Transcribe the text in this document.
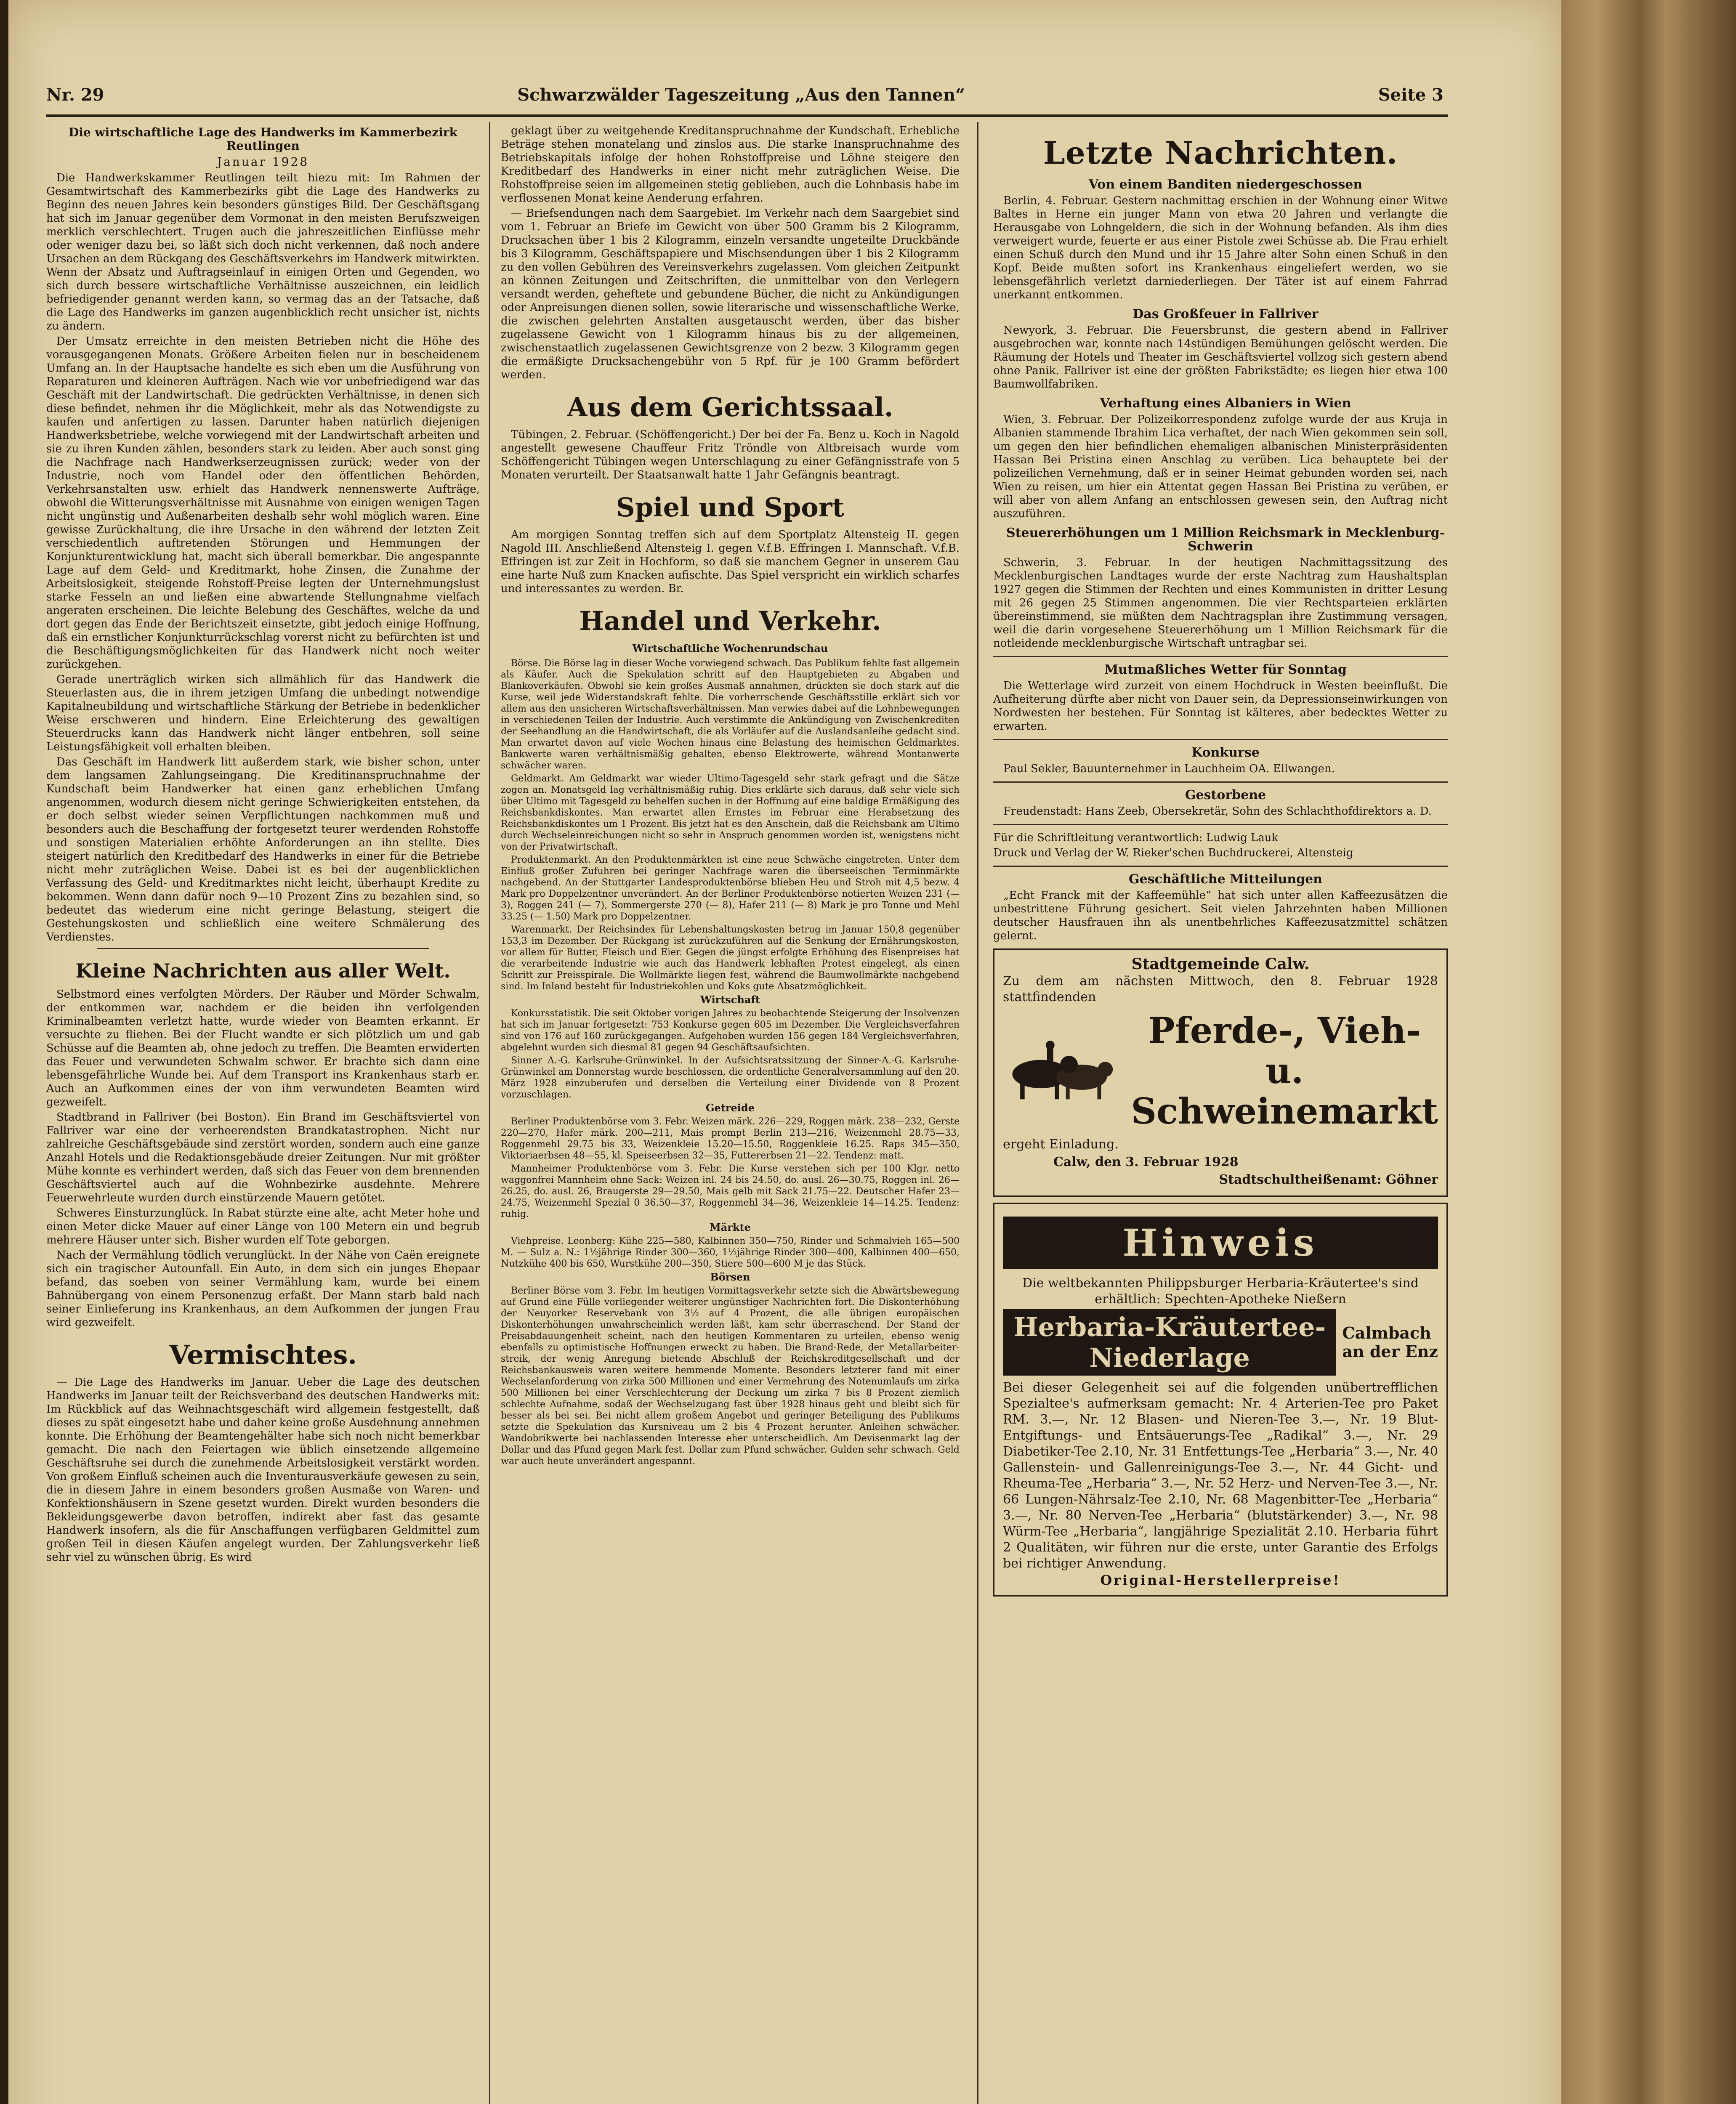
Nr. 29	Schwarzwälder Tageszeitung „Aus den Tannen“	Seite 3

Die wirtschaftliche Lage des Handwerks im Kammerbezirk Reutlingen

Januar 1928

Die Handwerkskammer Reutlingen teilt hiezu mit: Im Rahmen der Gesamtwirtschaft des Kammerbezirks gibt die Lage des Handwerks zu Beginn des neuen Jahres kein besonders günstiges Bild. Der Geschäftsgang hat sich im Januar gegenüber dem Vormonat in den meisten Berufszweigen merklich verschlechtert. Trugen auch die jahreszeitlichen Einflüsse mehr oder weniger dazu bei, so läßt sich doch nicht verkennen, daß noch andere Ursachen an dem Rückgang des Geschäftsverkehrs im Handwerk mitwirkten. Wenn der Absatz und Auftragseinlauf in einigen Orten und Gegenden, wo sich durch bessere wirtschaftliche Verhältnisse auszeichnen, ein leidlich befriedigender genannt werden kann, so vermag das an der Tatsache, daß die Lage des Handwerks im ganzen augenblicklich recht unsicher ist, nichts zu ändern.

Der Umsatz erreichte in den meisten Betrieben nicht die Höhe des vorausgegangenen Monats. Größere Arbeiten fielen nur in bescheidenem Umfang an. In der Hauptsache handelte es sich eben um die Ausführung von Reparaturen und kleineren Aufträgen. Nach wie vor unbefriedigend war das Geschäft mit der Landwirtschaft. Die gedrückten Verhältnisse, in denen sich diese befindet, nehmen ihr die Möglichkeit, mehr als das Notwendigste zu kaufen und anfertigen zu lassen. Darunter haben natürlich diejenigen Handwerksbetriebe, welche vorwiegend mit der Landwirtschaft arbeiten und sie zu ihren Kunden zählen, besonders stark zu leiden. Aber auch sonst ging die Nachfrage nach Handwerkserzeugnissen zurück; weder von der Industrie, noch vom Handel oder den öffentlichen Behörden, Verkehrsanstalten usw. erhielt das Handwerk nennenswerte Aufträge, obwohl die Witterungsverhältnisse mit Ausnahme von einigen wenigen Tagen nicht ungünstig und Außenarbeiten deshalb sehr wohl möglich waren. Eine gewisse Zurückhaltung, die ihre Ursache in den während der letzten Zeit verschiedentlich auftretenden Störungen und Hemmungen der Konjunkturentwicklung hat, macht sich überall bemerkbar. Die angespannte Lage auf dem Geld- und Kreditmarkt, hohe Zinsen, die Zunahme der Arbeitslosigkeit, steigende Rohstoff-Preise legten der Unternehmungslust starke Fesseln an und ließen eine abwartende Stellungnahme vielfach angeraten erscheinen. Die leichte Belebung des Geschäftes, welche da und dort gegen das Ende der Berichtszeit einsetzte, gibt jedoch einige Hoffnung, daß ein ernstlicher Konjunkturrückschlag vorerst nicht zu befürchten ist und die Beschäftigungsmöglichkeiten für das Handwerk nicht noch weiter zurückgehen.

Gerade unerträglich wirken sich allmählich für das Handwerk die Steuerlasten aus, die in ihrem jetzigen Umfang die unbedingt notwendige Kapitalneubildung und wirtschaftliche Stärkung der Betriebe in bedenklicher Weise erschweren und hindern. Eine Erleichterung des gewaltigen Steuerdrucks kann das Handwerk nicht länger entbehren, soll seine Leistungsfähigkeit voll erhalten bleiben.

Das Geschäft im Handwerk litt außerdem stark, wie bisher schon, unter dem langsamen Zahlungseingang. Die Kreditinanspruchnahme der Kundschaft beim Handwerker hat einen ganz erheblichen Umfang angenommen, wodurch diesem nicht geringe Schwierigkeiten entstehen, da er doch selbst wieder seinen Verpflichtungen nachkommen muß und besonders auch die Beschaffung der fortgesetzt teurer werdenden Rohstoffe und sonstigen Materialien erhöhte Anforderungen an ihn stellte. Dies steigert natürlich den Kreditbedarf des Handwerks in einer für die Betriebe nicht mehr zuträglichen Weise. Dabei ist es bei der augenblicklichen Verfassung des Geld- und Kreditmarktes nicht leicht, überhaupt Kredite zu bekommen. Wenn dann dafür noch 9—10 Prozent Zins zu bezahlen sind, so bedeutet das wiederum eine nicht geringe Belastung, steigert die Gestehungskosten und schließlich eine weitere Schmälerung des Verdienstes.

Kleine Nachrichten aus aller Welt.

Selbstmord eines verfolgten Mörders. Der Räuber und Mörder Schwalm, der entkommen war, nachdem er die beiden ihn verfolgenden Kriminalbeamten verletzt hatte, wurde wieder von Beamten erkannt. Er versuchte zu fliehen. Bei der Flucht wandte er sich plötzlich um und gab Schüsse auf die Beamten ab, ohne jedoch zu treffen. Die Beamten erwiderten das Feuer und verwundeten Schwalm schwer. Er brachte sich dann eine lebensgefährliche Wunde bei. Auf dem Transport ins Krankenhaus starb er. Auch an Aufkommen eines der von ihm verwundeten Beamten wird gezweifelt.

Stadtbrand in Fallriver (bei Boston). Ein Brand im Geschäftsviertel von Fallriver war eine der verheerendsten Brandkatastrophen. Nicht nur zahlreiche Geschäftsgebäude sind zerstört worden, sondern auch eine ganze Anzahl Hotels und die Redaktionsgebäude dreier Zeitungen. Nur mit größter Mühe konnte es verhindert werden, daß sich das Feuer von dem brennenden Geschäftsviertel auch auf die Wohnbezirke ausdehnte. Mehrere Feuerwehrleute wurden durch einstürzende Mauern getötet.

Schweres Einsturzunglück. In Rabat stürzte eine alte, acht Meter hohe und einen Meter dicke Mauer auf einer Länge von 100 Metern ein und begrub mehrere Häuser unter sich. Bisher wurden elf Tote geborgen.

Nach der Vermählung tödlich verunglückt. In der Nähe von Caën ereignete sich ein tragischer Autounfall. Ein Auto, in dem sich ein junges Ehepaar befand, das soeben von seiner Vermählung kam, wurde bei einem Bahnübergang von einem Personenzug erfaßt. Der Mann starb bald nach seiner Einlieferung ins Krankenhaus, an dem Aufkommen der jungen Frau wird gezweifelt.

Vermischtes.

— Die Lage des Handwerks im Januar. Ueber die Lage des deutschen Handwerks im Januar teilt der Reichsverband des deutschen Handwerks mit: Im Rückblick auf das Weihnachtsgeschäft wird allgemein festgestellt, daß dieses zu spät eingesetzt habe und daher keine große Ausdehnung annehmen konnte. Die Erhöhung der Beamtengehälter habe sich noch nicht bemerkbar gemacht. Die nach den Feiertagen wie üblich einsetzende allgemeine Geschäftsruhe sei durch die zunehmende Arbeitslosigkeit verstärkt worden. Von großem Einfluß scheinen auch die Inventurausverkäufe gewesen zu sein, die in diesem Jahre in einem besonders großen Ausmaße von Waren- und Konfektionshäusern in Szene gesetzt wurden. Direkt wurden besonders die Bekleidungsgewerbe davon betroffen, indirekt aber fast das gesamte Handwerk insofern, als die für Anschaffungen verfügbaren Geldmittel zum großen Teil in diesen Käufen angelegt wurden. Der Zahlungsverkehr ließ sehr viel zu wünschen übrig. Es wird

geklagt über zu weitgehende Kreditanspruchnahme der Kundschaft. Erhebliche Beträge stehen monatelang und zinslos aus. Die starke Inanspruchnahme des Betriebskapitals infolge der hohen Rohstoffpreise und Löhne steigere den Kreditbedarf des Handwerks in einer nicht mehr zuträglichen Weise. Die Rohstoffpreise seien im allgemeinen stetig geblieben, auch die Lohnbasis habe im verflossenen Monat keine Aenderung erfahren.

— Briefsendungen nach dem Saargebiet. Im Verkehr nach dem Saargebiet sind vom 1. Februar an Briefe im Gewicht von über 500 Gramm bis 2 Kilogramm, Drucksachen über 1 bis 2 Kilogramm, einzeln versandte ungeteilte Druckbände bis 3 Kilogramm, Geschäftspapiere und Mischsendungen über 1 bis 2 Kilogramm zu den vollen Gebühren des Vereinsverkehrs zugelassen. Vom gleichen Zeitpunkt an können Zeitungen und Zeitschriften, die unmittelbar von den Verlegern versandt werden, geheftete und gebundene Bücher, die nicht zu Ankündigungen oder Anpreisungen dienen sollen, sowie literarische und wissenschaftliche Werke, die zwischen gelehrten Anstalten ausgetauscht werden, über das bisher zugelassene Gewicht von 1 Kilogramm hinaus bis zu der allgemeinen, zwischenstaatlich zugelassenen Gewichtsgrenze von 2 bezw. 3 Kilogramm gegen die ermäßigte Drucksachengebühr von 5 Rpf. für je 100 Gramm befördert werden.

Aus dem Gerichtssaal.

Tübingen, 2. Februar. (Schöffengericht.) Der bei der Fa. Benz u. Koch in Nagold angestellt gewesene Chauffeur Fritz Tröndle von Altbreisach wurde vom Schöffengericht Tübingen wegen Unterschlagung zu einer Gefängnisstrafe von 5 Monaten verurteilt. Der Staatsanwalt hatte 1 Jahr Gefängnis beantragt.

Spiel und Sport

Am morgigen Sonntag treffen sich auf dem Sportplatz Altensteig II. gegen Nagold III. Anschließend Altensteig I. gegen V.f.B. Effringen I. Mannschaft. V.f.B. Effringen ist zur Zeit in Hochform, so daß sie manchem Gegner in unserem Gau eine harte Nuß zum Knacken aufischte. Das Spiel verspricht ein wirklich scharfes und interessantes zu werden. Br.

Handel und Verkehr.

Wirtschaftliche Wochenrundschau

Börse. Die Börse lag in dieser Woche vorwiegend schwach. Das Publikum fehlte fast allgemein als Käufer. Auch die Spekulation schritt auf den Hauptgebieten zu Abgaben und Blankoverkäufen. Obwohl sie kein großes Ausmaß annahmen, drückten sie doch stark auf die Kurse, weil jede Widerstandskraft fehlte. Die vorherrschende Geschäftsstille erklärt sich vor allem aus den unsicheren Wirtschaftsverhältnissen. Man verwies dabei auf die Lohnbewegungen in verschiedenen Teilen der Industrie. Auch verstimmte die Ankündigung von Zwischenkrediten der Seehandlung an die Handwirtschaft, die als Vorläufer auf die Auslandsanleihe gedacht sind. Man erwartet davon auf viele Wochen hinaus eine Belastung des heimischen Geldmarktes. Bankwerte waren verhältnismäßig gehalten, ebenso Elektrowerte, während Montanwerte schwächer waren.

Geldmarkt. Am Geldmarkt war wieder Ultimo-Tagesgeld sehr stark gefragt und die Sätze zogen an. Monatsgeld lag verhältnismäßig ruhig. Dies erklärte sich daraus, daß sehr viele sich über Ultimo mit Tagesgeld zu behelfen suchen in der Hoffnung auf eine baldige Ermäßigung des Reichsbankdiskontes. Man erwartet allen Ernstes im Februar eine Herabsetzung des Reichsbankdiskontes um 1 Prozent. Bis jetzt hat es den Anschein, daß die Reichsbank am Ultimo durch Wechseleinreichungen nicht so sehr in Anspruch genommen worden ist, wenigstens nicht von der Privatwirtschaft.

Produktenmarkt. An den Produktenmärkten ist eine neue Schwäche eingetreten. Unter dem Einfluß großer Zufuhren bei geringer Nachfrage waren die überseeischen Terminmärkte nachgebend. An der Stuttgarter Landesproduktenbörse blieben Heu und Stroh mit 4,5 bezw. 4 Mark pro Doppelzentner unverändert. An der Berliner Produktenbörse notierten Weizen 231 (— 3), Roggen 241 (— 7), Sommergerste 270 (— 8), Hafer 211 (— 8) Mark je pro Tonne und Mehl 33.25 (— 1.50) Mark pro Doppelzentner.

Warenmarkt. Der Reichsindex für Lebenshaltungskosten betrug im Januar 150,8 gegenüber 153,3 im Dezember. Der Rückgang ist zurückzuführen auf die Senkung der Ernährungskosten, vor allem für Butter, Fleisch und Eier. Gegen die jüngst erfolgte Erhöhung des Eisenpreises hat die verarbeitende Industrie wie auch das Handwerk lebhaften Protest eingelegt, als einen Schritt zur Preisspirale. Die Wollmärkte liegen fest, während die Baumwollmärkte nachgebend sind. Im Inland besteht für Industriekohlen und Koks gute Absatzmöglichkeit.

Wirtschaft

Konkursstatistik. Die seit Oktober vorigen Jahres zu beobachtende Steigerung der Insolvenzen hat sich im Januar fortgesetzt: 753 Konkurse gegen 605 im Dezember. Die Vergleichsverfahren sind von 176 auf 160 zurückgegangen. Aufgehoben wurden 156 gegen 184 Vergleichsverfahren, abgelehnt wurden sich diesmal 81 gegen 94 Geschäftsaufsichten.

Sinner A.-G. Karlsruhe-Grünwinkel. In der Aufsichtsratssitzung der Sinner-A.-G. Karlsruhe-Grünwinkel am Donnerstag wurde beschlossen, die ordentliche Generalversammlung auf den 20. März 1928 einzuberufen und derselben die Verteilung einer Dividende von 8 Prozent vorzuschlagen.

Getreide

Berliner Produktenbörse vom 3. Febr. Weizen märk. 226—229, Roggen märk. 238—232, Gerste 220—270, Hafer märk. 200—211, Mais prompt Berlin 213—216, Weizenmehl 28.75—33, Roggenmehl 29.75 bis 33, Weizenkleie 15.20—15.50, Roggenkleie 16.25. Raps 345—350, Viktoriaerbsen 48—55, kl. Speiseerbsen 32—35, Futtererbsen 21—22. Tendenz: matt.

Mannheimer Produktenbörse vom 3. Febr. Die Kurse verstehen sich per 100 Klgr. netto waggonfrei Mannheim ohne Sack: Weizen inl. 24 bis 24.50, do. ausl. 26—30.75, Roggen inl. 26—26.25, do. ausl. 26, Braugerste 29—29.50, Mais gelb mit Sack 21.75—22. Deutscher Hafer 23—24.75, Weizenmehl Spezial 0 36.50—37, Roggenmehl 34—36, Weizenkleie 14—14.25. Tendenz: ruhig.

Märkte

Viehpreise. Leonberg: Kühe 225—580, Kalbinnen 350—750, Rinder und Schmalvieh 165—500 M. — Sulz a. N.: 1½jährige Rinder 300—360, 1½jährige Rinder 300—400, Kalbinnen 400—650, Nutzkühe 400 bis 650, Wurstkühe 200—350, Stiere 500—600 M je das Stück.

Börsen

Berliner Börse vom 3. Febr. Im heutigen Vormittagsverkehr setzte sich die Abwärtsbewegung auf Grund eine Fülle vorliegender weiterer ungünstiger Nachrichten fort. Die Diskonterhöhung der Neuyorker Reservebank von 3½ auf 4 Prozent, die alle übrigen europäischen Diskonterhöhungen unwahrscheinlich werden läßt, kam sehr überraschend. Der Stand der Preisabdauungenheit scheint, nach den heutigen Kommentaren zu urteilen, ebenso wenig ebenfalls zu optimistische Hoffnungen erweckt zu haben. Die Brand-Rede, der Metallarbeiter-streik, der wenig Anregung bietende Abschluß der Reichskreditgesellschaft und der Reichsbankausweis waren weitere hemmende Momente. Besonders letzterer fand mit einer Wechselanforderung von zirka 500 Millionen und einer Vermehrung des Notenumlaufs um zirka 500 Millionen bei einer Verschlechterung der Deckung um zirka 7 bis 8 Prozent ziemlich schlechte Aufnahme, sodaß der Wechselzugang fast über 1928 hinaus geht und bleibt sich für besser als bei sei. Bei nicht allem großem Angebot und geringer Beteiligung des Publikums setzte die Spekulation das Kursniveau um 2 bis 4 Prozent herunter. Anleihen schwächer. Wandobrikwerte bei nachlassenden Interesse eher unterscheidlich. Am Devisenmarkt lag der Dollar und das Pfund gegen Mark fest. Dollar zum Pfund schwächer. Gulden sehr schwach. Geld war auch heute unverändert angespannt.

Letzte Nachrichten.

Von einem Banditen niedergeschossen

Berlin, 4. Februar. Gestern nachmittag erschien in der Wohnung einer Witwe Baltes in Herne ein junger Mann von etwa 20 Jahren und verlangte die Herausgabe von Lohngeldern, die sich in der Wohnung befanden. Als ihm dies verweigert wurde, feuerte er aus einer Pistole zwei Schüsse ab. Die Frau erhielt einen Schuß durch den Mund und ihr 15 Jahre alter Sohn einen Schuß in den Kopf. Beide mußten sofort ins Krankenhaus eingeliefert werden, wo sie lebensgefährlich verletzt darniederliegen. Der Täter ist auf einem Fahrrad unerkannt entkommen.

Das Großfeuer in Fallriver

Newyork, 3. Februar. Die Feuersbrunst, die gestern abend in Fallriver ausgebrochen war, konnte nach 14stündigen Bemühungen gelöscht werden. Die Räumung der Hotels und Theater im Geschäftsviertel vollzog sich gestern abend ohne Panik. Fallriver ist eine der größten Fabrikstädte; es liegen hier etwa 100 Baumwollfabriken.

Verhaftung eines Albaniers in Wien

Wien, 3. Februar. Der Polizeikorrespondenz zufolge wurde der aus Kruja in Albanien stammende Ibrahim Lica verhaftet, der nach Wien gekommen sein soll, um gegen den hier befindlichen ehemaligen albanischen Ministerpräsidenten Hassan Bei Pristina einen Anschlag zu verüben. Lica behauptete bei der polizeilichen Vernehmung, daß er in seiner Heimat gebunden worden sei, nach Wien zu reisen, um hier ein Attentat gegen Hassan Bei Pristina zu verüben, er will aber von allem Anfang an entschlossen gewesen sein, den Auftrag nicht auszuführen.

Steuererhöhungen um 1 Million Reichsmark in Mecklenburg-Schwerin

Schwerin, 3. Februar. In der heutigen Nachmittagssitzung des Mecklenburgischen Landtages wurde der erste Nachtrag zum Haushaltsplan 1927 gegen die Stimmen der Rechten und eines Kommunisten in dritter Lesung mit 26 gegen 25 Stimmen angenommen. Die vier Rechtsparteien erklärten übereinstimmend, sie müßten dem Nachtragsplan ihre Zustimmung versagen, weil die darin vorgesehene Steuererhöhung um 1 Million Reichsmark für die notleidende mecklenburgische Wirtschaft untragbar sei.

Mutmaßliches Wetter für Sonntag

Die Wetterlage wird zurzeit von einem Hochdruck in Westen beeinflußt. Die Aufheiterung dürfte aber nicht von Dauer sein, da Depressionseinwirkungen von Nordwesten her bestehen. Für Sonntag ist kälteres, aber bedecktes Wetter zu erwarten.

Konkurse

Paul Sekler, Bauunternehmer in Lauchheim OA. Ellwangen.

Gestorbene

Freudenstadt: Hans Zeeb, Obersekretär, Sohn des Schlachthofdirektors a. D.

Für die Schriftleitung verantwortlich: Ludwig Lauk

Druck und Verlag der W. Rieker'schen Buchdruckerei, Altensteig

Geschäftliche Mitteilungen

„Echt Franck mit der Kaffeemühle“ hat sich unter allen Kaffeezusätzen die unbestrittene Führung gesichert. Seit vielen Jahrzehnten haben Millionen deutscher Hausfrauen ihn als unentbehrliches Kaffeezusatzmittel schätzen gelernt.

Stadtgemeinde Calw.

Zu dem am nächsten Mittwoch, den 8. Februar 1928 stattfindenden

Pferde-, Vieh-
u. Schweinemarkt

ergeht Einladung.

Calw, den 3. Februar 1928

Stadtschultheißenamt: Göhner

Hinweis

Die weltbekannten Philippsburger Herbaria-Kräutertee's sind erhältlich: Spechten-Apotheke Nießern

Herbaria-Kräutertee-Niederlage
Calmbach
an der Enz

Bei dieser Gelegenheit sei auf die folgenden unübertrefflichen Spezialtee's aufmerksam gemacht: Nr. 4 Arterien-Tee pro Paket RM. 3.—, Nr. 12 Blasen- und Nieren-Tee 3.—, Nr. 19 Blut-Entgiftungs- und Entsäuerungs-Tee „Radikal“ 3.—, Nr. 29 Diabetiker-Tee 2.10, Nr. 31 Entfettungs-Tee „Herbaria“ 3.—, Nr. 40 Gallenstein- und Gallenreinigungs-Tee 3.—, Nr. 44 Gicht- und Rheuma-Tee „Herbaria“ 3.—, Nr. 52 Herz- und Nerven-Tee 3.—, Nr. 66 Lungen-Nährsalz-Tee 2.10, Nr. 68 Magenbitter-Tee „Herbaria“ 3.—, Nr. 80 Nerven-Tee „Herbaria“ (blutstärkender) 3.—, Nr. 98 Würm-Tee „Herbaria“, langjährige Spezialität 2.10. Herbaria führt 2 Qualitäten, wir führen nur die erste, unter Garantie des Erfolgs bei richtiger Anwendung.

Original-Herstellerpreise!
